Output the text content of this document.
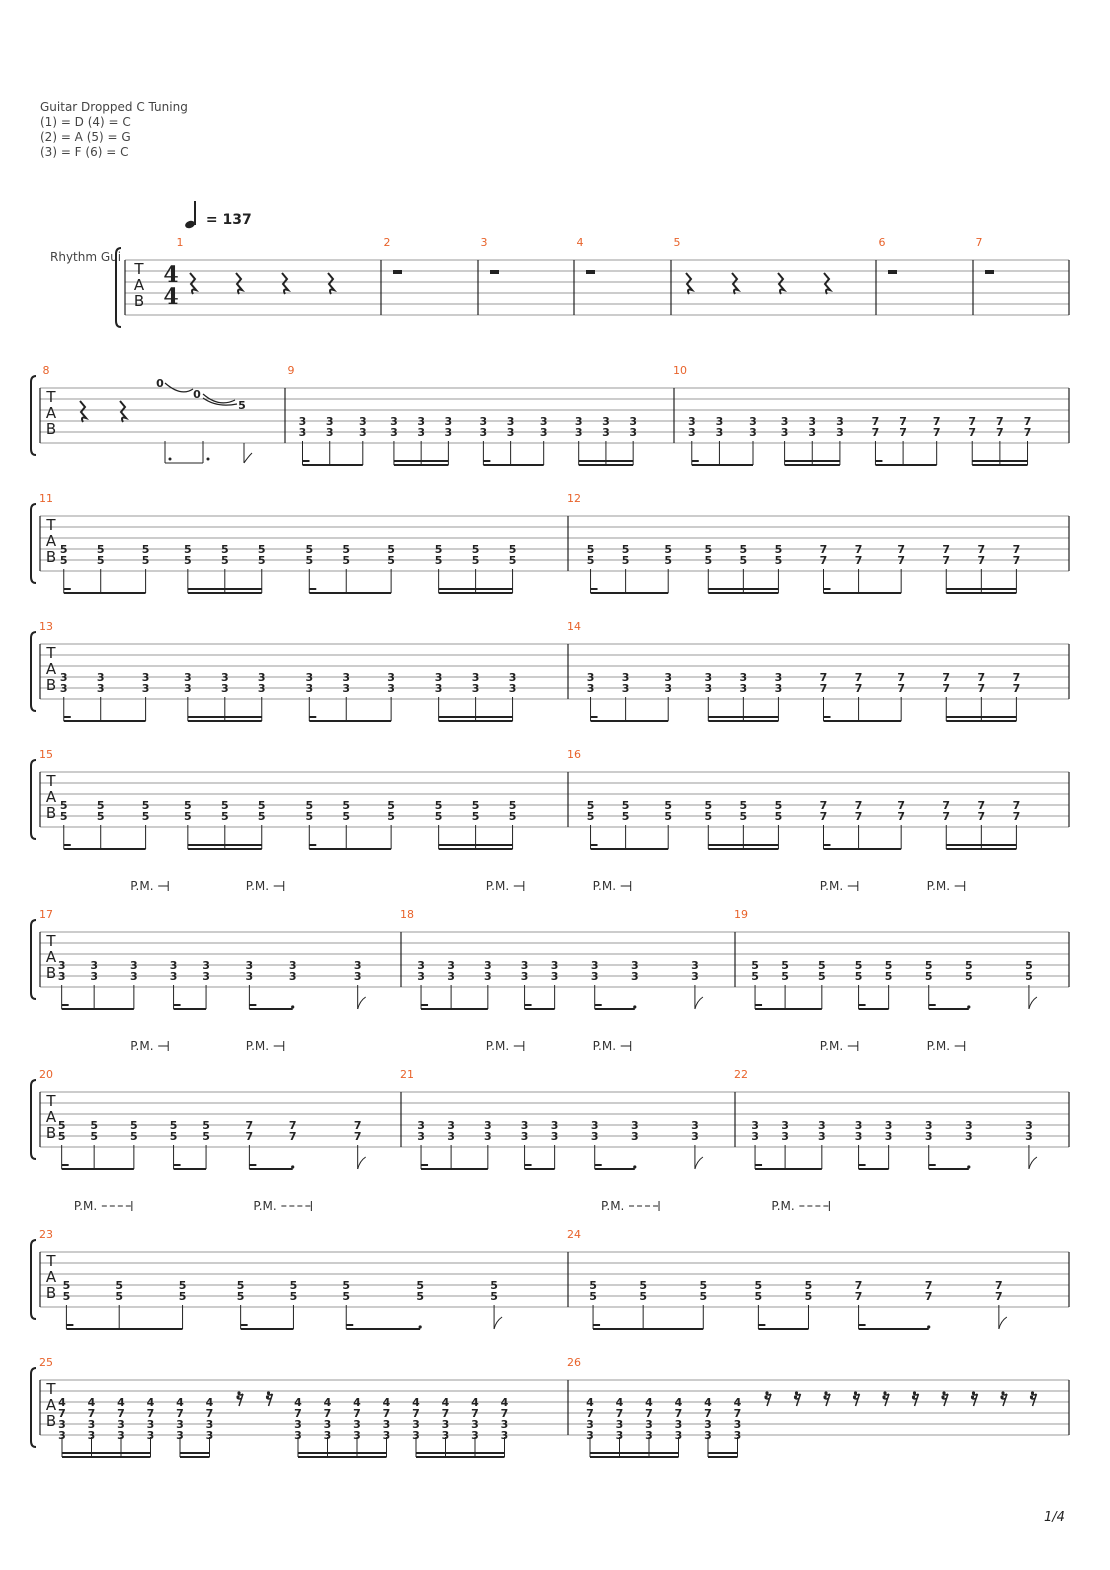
Guitar Dropped C Tuning
(1) = D (4) = C
(2) = A (5) = G
(3) = F (6) = C
= 137
Rhythm Gui
T
A
B
4
4
1	2	3	4	5	6	7
T
A
B
8
0
0
5
9
3
3
3
3
3
3
3
3
3
3
3
3
3
3
3
3
3
3
3
3
3
3
3
3
10
3
3
3
3
3
3
3
3
3
3
3
3
7
7
7
7
7
7
7
7
7
7
7
7
T
A
B
11
5
5
5
5
5
5
5
5
5
5
5
5
5
5
5
5
5
5
5
5
5
5
5
5
12
5
5
5
5
5
5
5
5
5
5
5
5
7
7
7
7
7
7
7
7
7
7
7
7
T
A
B
13
3
3
3
3
3
3
3
3
3
3
3
3
3
3
3
3
3
3
3
3
3
3
3
3
14
3
3
3
3
3
3
3
3
3
3
3
3
7
7
7
7
7
7
7
7
7
7
7
7
T
A
B
15
5
5
5
5
5
5
5
5
5
5
5
5
5
5
5
5
5
5
5
5
5
5
5
5
16
5
5
5
5
5
5
5
5
5
5
5
5
7
7
7
7
7
7
7
7
7
7
7
7
T
A
B
17
3
3
3
3
3
3
3
3
3
3
3
3
3
3
3
3
P.M.	P.M.
18
3
3
3
3
3
3
3
3
3
3
3
3
3
3
3
3
P.M.	P.M.
19
5
5
5
5
5
5
5
5
5
5
5
5
5
5
5
5
P.M.	P.M.
T
A
B
20
5
5
5
5
5
5
5
5
5
5
7
7
7
7
7
7
P.M.	P.M.
21
3
3
3
3
3
3
3
3
3
3
3
3
3
3
3
3
P.M.	P.M.
22
3
3
3
3
3
3
3
3
3
3
3
3
3
3
3
3
P.M.	P.M.
T
A
B
23
5
5
5
5
5
5
5
5
5
5
5
5
5
5
5
5
P.M.	P.M.
24
5
5
5
5
5
5
5
5
5
5
7
7
7
7
7
7
P.M.	P.M.
T
A
B
25
4
7
3
3
4
7
3
3
4
7
3
3
4
7
3
3
4
7
3
3
4
7
3
3
4
7
3
3
4
7
3
3
4
7
3
3
4
7
3
3
4
7
3
3
4
7
3
3
4
7
3
3
4
7
3
3
26
4
7
3
3
4
7
3
3
4
7
3
3
4
7
3
3
4
7
3
3
4
7
3
3
1/4
